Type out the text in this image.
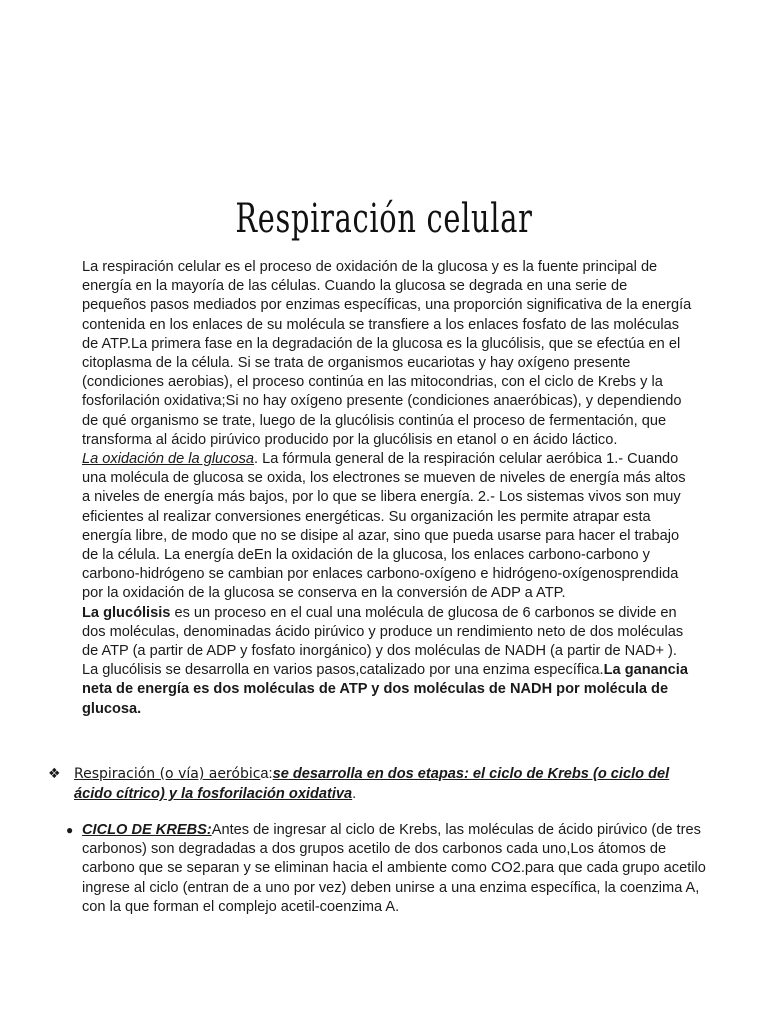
Respiración celular

La respiración celular es el proceso de oxidación de la glucosa y es la fuente principal de energía en la mayoría de las células. Cuando la glucosa se degrada en una serie de pequeños pasos mediados por enzimas específicas, una proporción significativa de la energía contenida en los enlaces de su molécula se transfiere a los enlaces fosfato de las moléculas de ATP.La primera fase en la degradación de la glucosa es la glucólisis, que se efectúa en el citoplasma de la célula. Si se trata de organismos eucariotas y hay oxígeno presente (condiciones aerobias), el proceso continúa en las mitocondrias, con el ciclo de Krebs y la fosforilación oxidativa;Si no hay oxígeno presente (condiciones anaeróbicas), y dependiendo de qué organismo se trate, luego de la glucólisis continúa el proceso de fermentación, que transforma al ácido pirúvico producido por la glucólisis en etanol o en ácido láctico.

La oxidación de la glucosa. La fórmula general de la respiración celular aeróbica 1.- Cuando una molécula de glucosa se oxida, los electrones se mueven de niveles de energía más altos a niveles de energía más bajos, por lo que se libera energía. 2.- Los sistemas vivos son muy eficientes al realizar conversiones energéticas. Su organización les permite atrapar esta energía libre, de modo que no se disipe al azar, sino que pueda usarse para hacer el trabajo de la célula. La energía deEn la oxidación de la glucosa, los enlaces carbono-carbono y carbono-hidrógeno se cambian por enlaces carbono-oxígeno e hidrógeno-oxígenosprendida por la oxidación de la glucosa se conserva en la conversión de ADP a ATP.

La glucólisis es un proceso en el cual una molécula de glucosa de 6 carbonos se divide en dos moléculas, denominadas ácido pirúvico y produce un rendimiento neto de dos moléculas de ATP (a partir de ADP y fosfato inorgánico) y dos moléculas de NADH (a partir de NAD+ ). La glucólisis se desarrolla en varios pasos,catalizado por una enzima específica.La ganancia neta de energía es dos moléculas de ATP y dos moléculas de NADH por molécula de glucosa.

❖ Respiración (o vía) aeróbica:se desarrolla en dos etapas: el ciclo de Krebs (o ciclo del ácido cítrico) y la fosforilación oxidativa.
● CICLO DE KREBS:Antes de ingresar al ciclo de Krebs, las moléculas de ácido pirúvico (de tres carbonos) son degradadas a dos grupos acetilo de dos carbonos cada uno,Los átomos de carbono que se separan y se eliminan hacia el ambiente como CO2.para que cada grupo acetilo ingrese al ciclo (entran de a uno por vez) deben unirse a una enzima específica, la coenzima A, con la que forman el complejo acetil-coenzima A.
